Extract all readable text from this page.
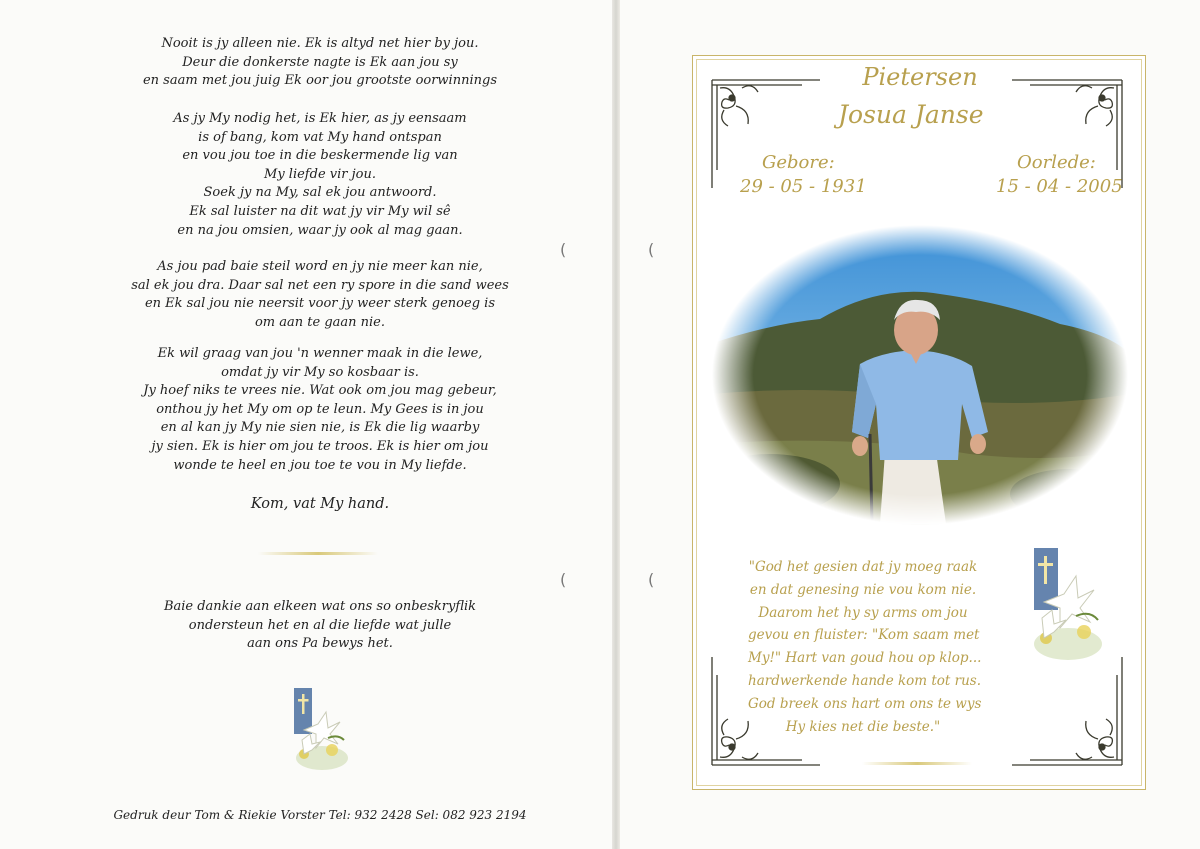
Nooit is jy alleen nie. Ek is altyd net hier by jou.
Deur die donkerste nagte is Ek aan jou sy
en saam met jou juig Ek oor jou grootste oorwinnings
As jy My nodig het, is Ek hier, as jy eensaam
is of bang, kom vat My hand ontspan
en vou jou toe in die beskermende lig van
My liefde vir jou.
Soek jy na My, sal ek jou antwoord.
Ek sal luister na dit wat jy vir My wil sê
en na jou omsien, waar jy ook al mag gaan.
As jou pad baie steil word en jy nie meer kan nie,
sal ek jou dra. Daar sal net een ry spore in die sand wees
en Ek sal jou nie neersit voor jy weer sterk genoeg is
om aan te gaan nie.
Ek wil graag van jou 'n wenner maak in die lewe,
omdat jy vir My so kosbaar is.
Jy hoef niks te vrees nie. Wat ook om jou mag gebeur,
onthou jy het My om op te leun. My Gees is in jou
en al kan jy My nie sien nie, is Ek die lig waarby
jy sien. Ek is hier om jou te troos. Ek is hier om jou
wonde te heel en jou toe te vou in My liefde.
Kom, vat My hand.
Baie dankie aan elkeen wat ons so onbeskryflik
ondersteun het en al die liefde wat julle
aan ons Pa bewys het.
Gedruk deur Tom & Riekie Vorster Tel: 932 2428 Sel: 082 923 2194
(
(
(
(
Pietersen
Josua Janse
Gebore:
29 - 05 - 1931
Oorlede:
15 - 04 - 2005
"God het gesien dat jy moeg raak
en dat genesing nie vou kom nie.
Daarom het hy sy arms om jou
gevou en fluister: "Kom saam met
My!" Hart van goud hou op klop...
hardwerkende hande kom tot rus.
God breek ons hart om ons te wys
Hy kies net die beste."
